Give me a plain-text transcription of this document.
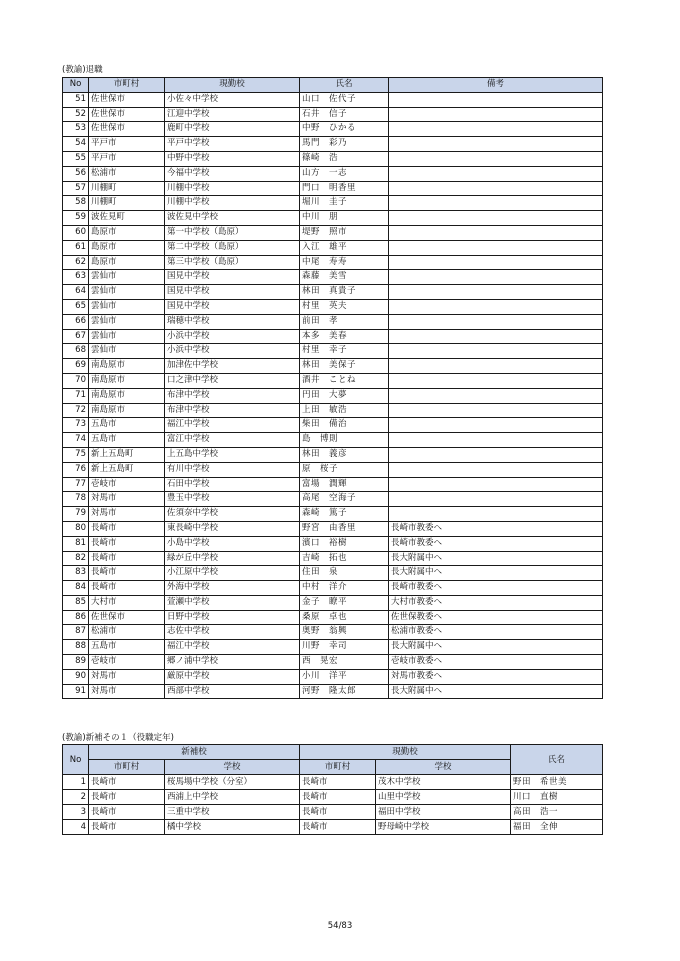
(教諭)退職
No	市町村	現勤校	氏名	備考
51	佐世保市	小佐々中学校	山口　佐代子	
52	佐世保市	江迎中学校	石井　信子	
53	佐世保市	鹿町中学校	中野　ひかる	
54	平戸市	平戸中学校	馬門　彩乃	
55	平戸市	中野中学校	篠崎　浩	
56	松浦市	今福中学校	山方　一志	
57	川棚町	川棚中学校	門口　明香里	
58	川棚町	川棚中学校	堀川　圭子	
59	波佐見町	波佐見中学校	中川　朋	
60	島原市	第一中学校（島原）	堤野　照市	
61	島原市	第二中学校（島原）	入江　雄平	
62	島原市	第三中学校（島原）	中尾　寿寿	
63	雲仙市	国見中学校	森藤　美雪	
64	雲仙市	国見中学校	林田　真貴子	
65	雲仙市	国見中学校	村里　英夫	
66	雲仙市	瑞穂中学校	前田　孝	
67	雲仙市	小浜中学校	本多　美春	
68	雲仙市	小浜中学校	村里　幸子	
69	南島原市	加津佐中学校	林田　美保子	
70	南島原市	口之津中学校	酒井　ことね	
71	南島原市	布津中学校	円田　大夢	
72	南島原市	布津中学校	上田　敏浩	
73	五島市	福江中学校	柴田　備治	
74	五島市	富江中学校	島　博則	
75	新上五島町	上五島中学校	林田　義彦	
76	新上五島町	有川中学校	原　桜子	
77	壱岐市	石田中学校	富場　潤輝	
78	対馬市	豊玉中学校	高尾　空海子	
79	対馬市	佐須奈中学校	森崎　篤子	
80	長崎市	東長崎中学校	野宮　由香里	長崎市教委へ
81	長崎市	小島中学校	濱口　裕樹	長崎市教委へ
82	長崎市	緑が丘中学校	吉崎　拓也	長大附属中へ
83	長崎市	小江原中学校	住田　泉	長大附属中へ
84	長崎市	外海中学校	中村　洋介	長崎市教委へ
85	大村市	萱瀬中学校	金子　瞭平	大村市教委へ
86	佐世保市	日野中学校	桑原　卓也	佐世保教委へ
87	松浦市	志佐中学校	奥野　翁興	松浦市教委へ
88	五島市	福江中学校	川野　幸司	長大附属中へ
89	壱岐市	郷ノ浦中学校	西　晃宏	壱岐市教委へ
90	対馬市	厳原中学校	小川　洋平	対馬市教委へ
91	対馬市	西部中学校	河野　隆太郎	長大附属中へ
(教諭)新補その１（役職定年)
No	新補校		現勤校		氏名
	市町村	学校	市町村	学校	
1	長崎市	桜馬場中学校（分室）	長崎市	茂木中学校	野田　希世美
2	長崎市	西浦上中学校	長崎市	山里中学校	川口　直樹
3	長崎市	三重中学校	長崎市	福田中学校	高田　浩一
4	長崎市	橘中学校	長崎市	野母崎中学校	福田　全伸
54/83
